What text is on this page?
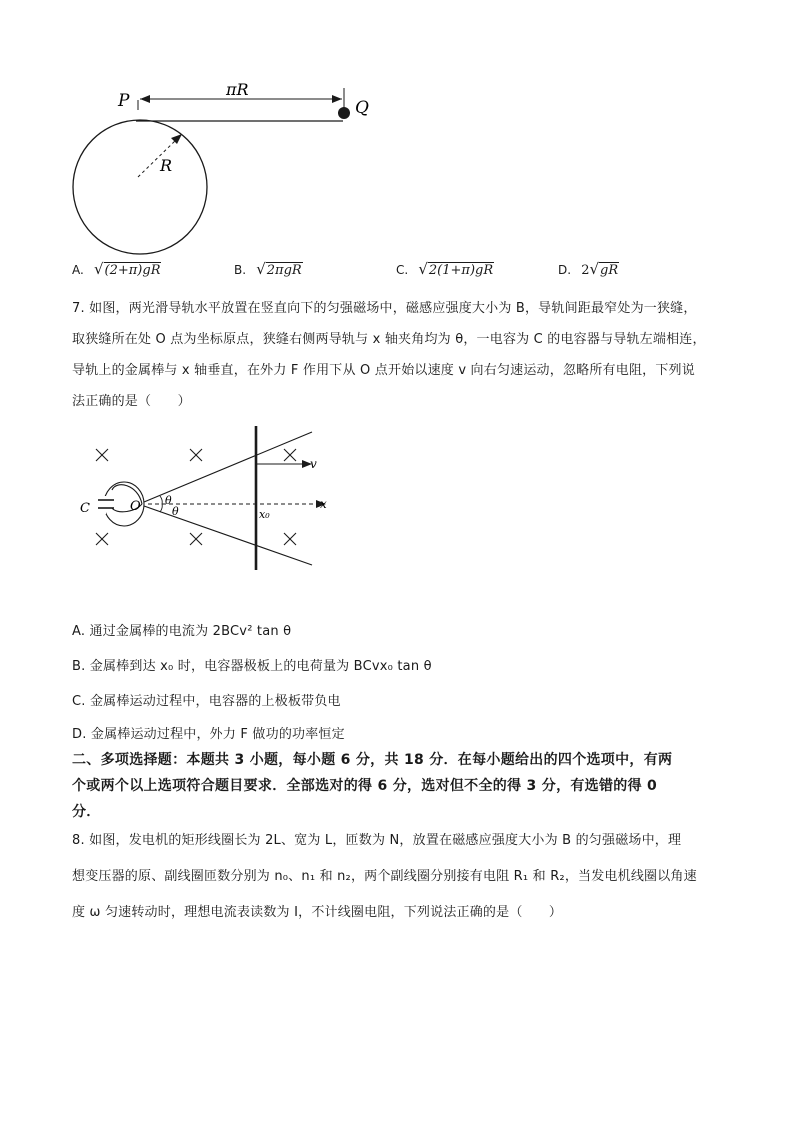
P	Q
πR
R
A. √(2+π)gR	B. √2πgR	C. √2(1+π)gR	D. 2√gR
7. 如图，两光滑导轨水平放置在竖直向下的匀强磁场中，磁感应强度大小为 B，导轨间距最窄处为一狭缝，
取狭缝所在处 O 点为坐标原点，狭缝右侧两导轨与 x 轴夹角均为 θ，一电容为 C 的电容器与导轨左端相连，
导轨上的金属棒与 x 轴垂直，在外力 F 作用下从 O 点开始以速度 v 向右匀速运动，忽略所有电阻，下列说
法正确的是（　　）
C	O θ
θ	x₀
x
v
A. 通过金属棒的电流为 2BCv² tan θ
B. 金属棒到达 x₀ 时，电容器极板上的电荷量为 BCvx₀ tan θ
C. 金属棒运动过程中，电容器的上极板带负电
D. 金属棒运动过程中，外力 F 做功的功率恒定
二、多项选择题：本题共 3 小题，每小题 6 分，共 18 分．在每小题给出的四个选项中，有两
个或两个以上选项符合题目要求．全部选对的得 6 分，选对但不全的得 3 分，有选错的得 0
分．
8. 如图，发电机的矩形线圈长为 2L、宽为 L，匝数为 N，放置在磁感应强度大小为 B 的匀强磁场中，理
想变压器的原、副线圈匝数分别为 n₀、n₁ 和 n₂，两个副线圈分别接有电阻 R₁ 和 R₂，当发电机线圈以角速
度 ω 匀速转动时，理想电流表读数为 I，不计线圈电阻，下列说法正确的是（　　）
